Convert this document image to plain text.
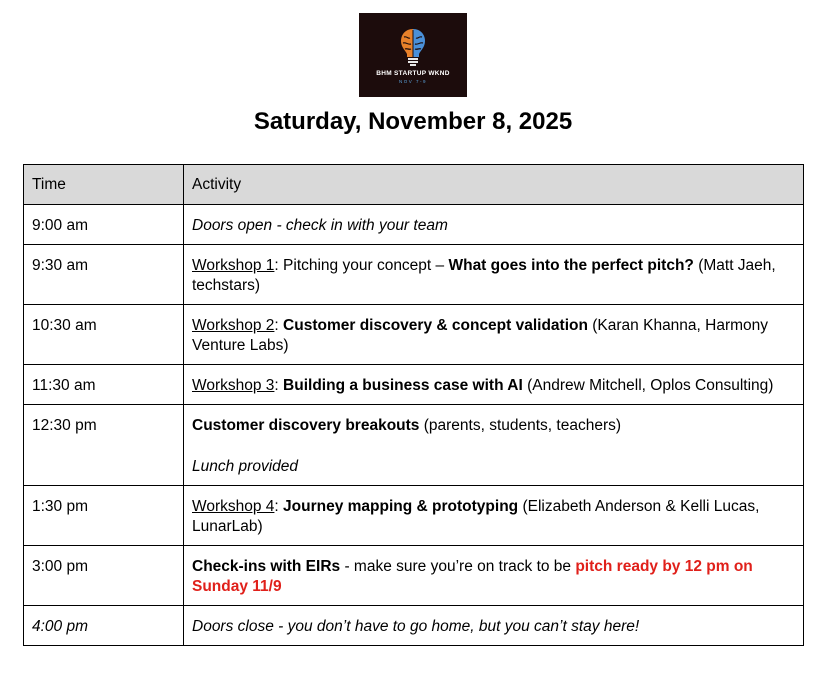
BHM STARTUP WKND
NOV 7-9
Saturday, November 8, 2025
Time	Activity
9:00 am	Doors open - check in with your team
9:30 am	Workshop 1: Pitching your concept – What goes into the perfect pitch? (Matt Jaeh, techstars)
10:30 am	Workshop 2: Customer discovery & concept validation (Karan Khanna, Harmony Venture Labs)
11:30 am	Workshop 3: Building a business case with AI (Andrew Mitchell, Oplos Consulting)
12:30 pm	Customer discovery breakouts (parents, students, teachers)
Lunch provided
1:30 pm	Workshop 4: Journey mapping & prototyping (Elizabeth Anderson & Kelli Lucas, LunarLab)
3:00 pm	Check-ins with EIRs - make sure you’re on track to be pitch ready by 12 pm on Sunday 11/9
4:00 pm	Doors close - you don’t have to go home, but you can’t stay here!
